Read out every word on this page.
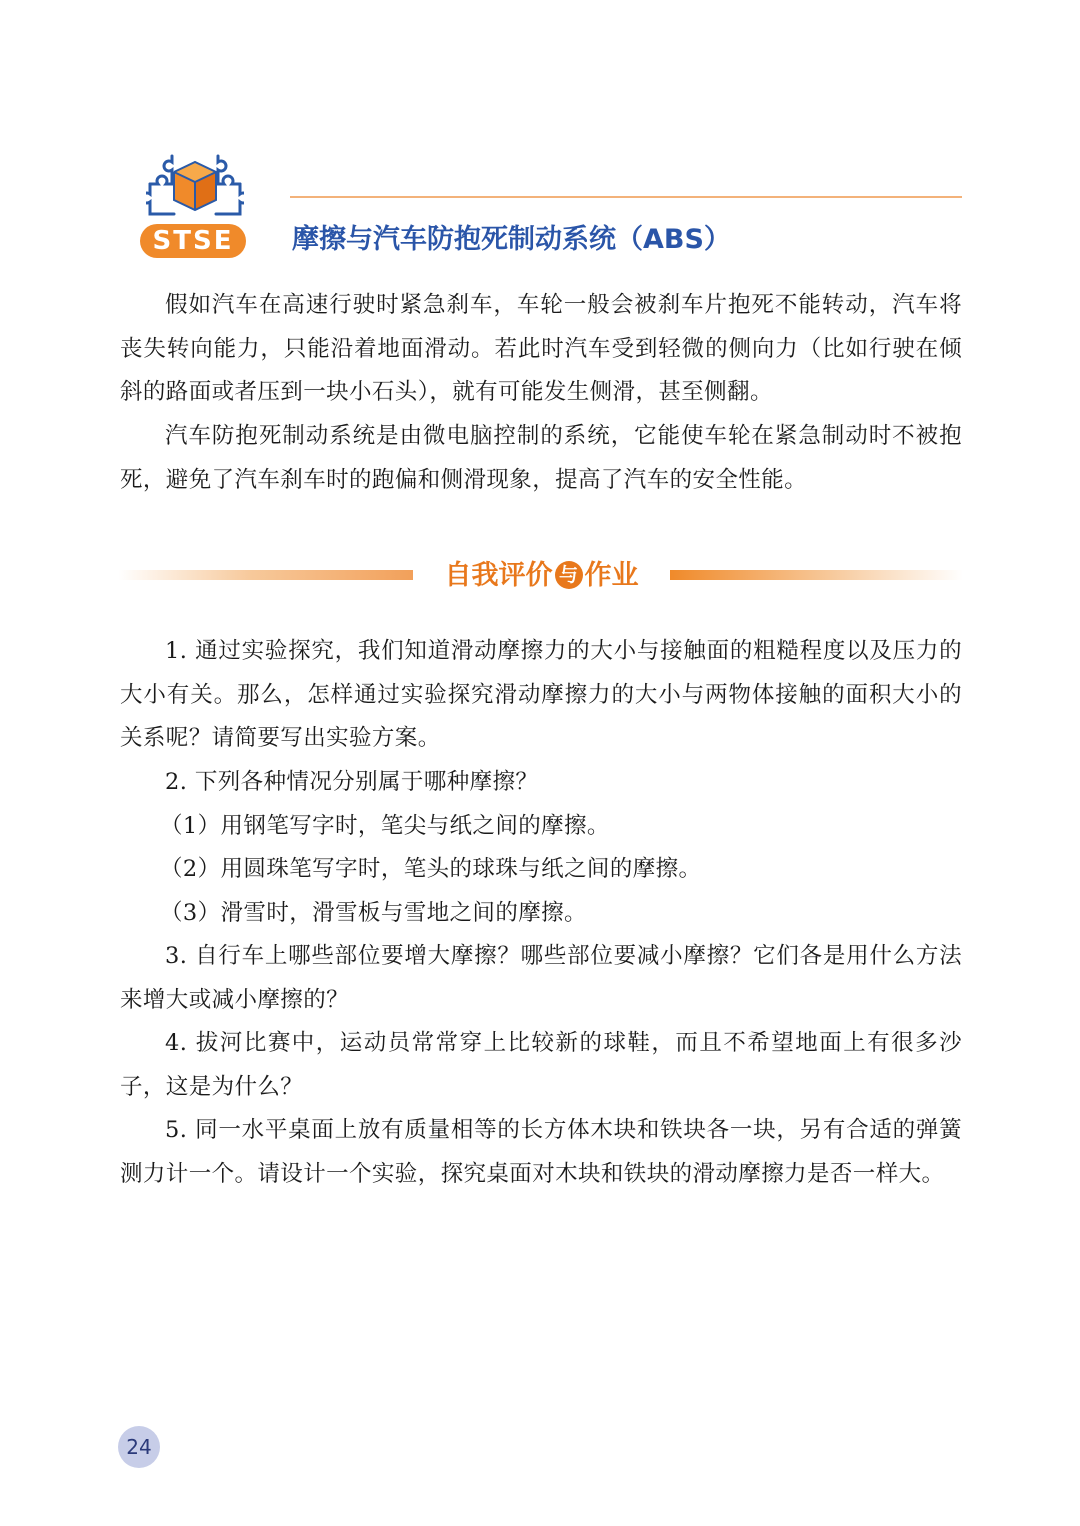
STSE	摩擦与汽车防抱死制动系统（ABS）

假如汽车在高速行驶时紧急刹车，车轮一般会被刹车片抱死不能转动，汽车将丧失转向能力，只能沿着地面滑动。若此时汽车受到轻微的侧向力（比如行驶在倾斜的路面或者压到一块小石头），就有可能发生侧滑，甚至侧翻。

汽车防抱死制动系统是由微电脑控制的系统，它能使车轮在紧急制动时不被抱死，避免了汽车刹车时的跑偏和侧滑现象，提高了汽车的安全性能。

自我评价 与 作业

1. 通过实验探究，我们知道滑动摩擦力的大小与接触面的粗糙程度以及压力的大小有关。那么，怎样通过实验探究滑动摩擦力的大小与两物体接触的面积大小的关系呢？请简要写出实验方案。

2. 下列各种情况分别属于哪种摩擦？

（1）用钢笔写字时，笔尖与纸之间的摩擦。

（2）用圆珠笔写字时，笔头的球珠与纸之间的摩擦。

（3）滑雪时，滑雪板与雪地之间的摩擦。

3. 自行车上哪些部位要增大摩擦？哪些部位要减小摩擦？它们各是用什么方法来增大或减小摩擦的？

4. 拔河比赛中，运动员常常穿上比较新的球鞋，而且不希望地面上有很多沙子，这是为什么？

5. 同一水平桌面上放有质量相等的长方体木块和铁块各一块，另有合适的弹簧测力计一个。请设计一个实验，探究桌面对木块和铁块的滑动摩擦力是否一样大。

24
